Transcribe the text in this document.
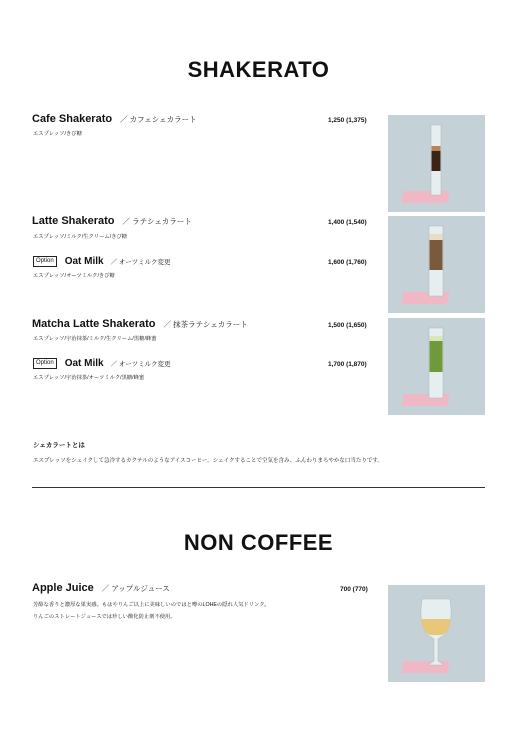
SHAKERATO
Cafe Shakerato ／ カフェシェカラート	1,250 (1,375)
エスプレッソ/きび糖
Latte Shakerato ／ ラテシェカラート	1,400 (1,540)
エスプレッソ/ミルク/生クリーム/きび糖
Option	Oat Milk ／ オーツミルク変更	1,600 (1,760)
エスプレッソ/オーツミルク/きび糖
Matcha Latte Shakerato ／ 抹茶ラテシェカラート	1,500 (1,650)
エスプレッソ/宇治抹茶/ミルク/生クリーム/黒糖/蜂蜜
Option	Oat Milk ／ オーツミルク変更	1,700 (1,870)
エスプレッソ/宇治抹茶/オーツミルク/黒糖/蜂蜜
シェカラートとは
エスプレッソをシェイクして急冷するカクテルのようなアイスコーヒー。シェイクすることで空気を含み、ふんわりまろやかな口当たりです。
NON COFFEE
Apple Juice ／ アップルジュース	700 (770)
芳醇な香りと濃厚な果実感。もはやりんご以上に美味しいのではと噂のLOHEの隠れ人気ドリンク。
りんごのストレートジュースでは珍しい酸化防止剤不使用。
